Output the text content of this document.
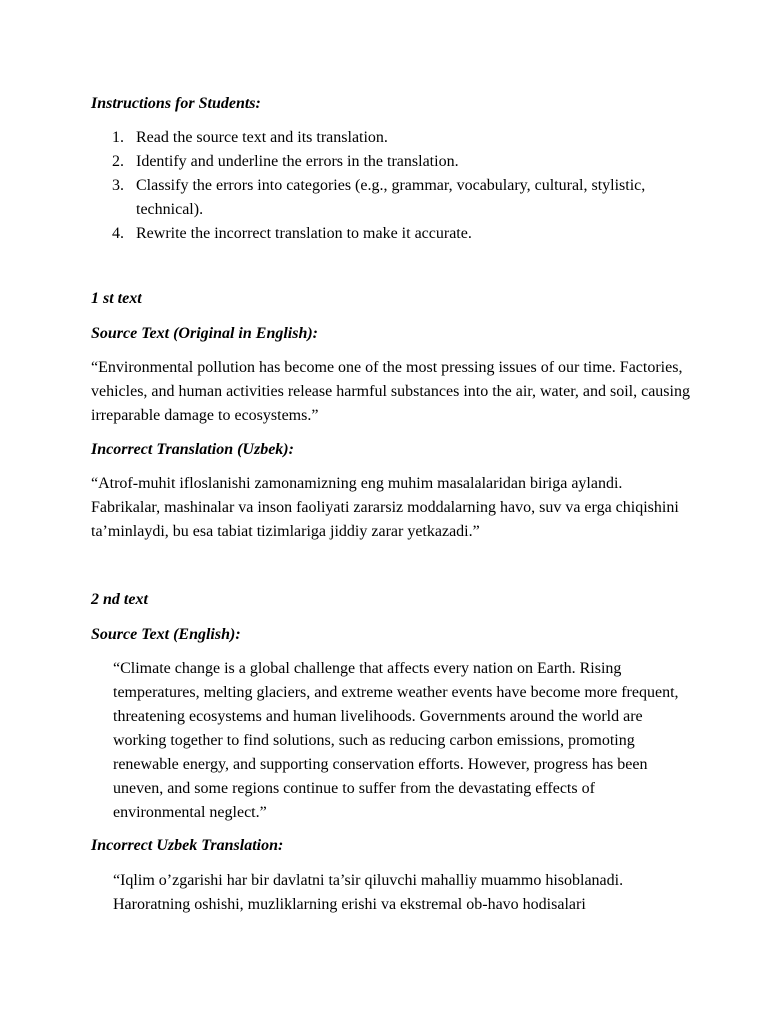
Instructions for Students:

1. Read the source text and its translation.
2. Identify and underline the errors in the translation.
3. Classify the errors into categories (e.g., grammar, vocabulary, cultural, stylistic, technical).
4. Rewrite the incorrect translation to make it accurate.

1 st text

Source Text (Original in English):

“Environmental pollution has become one of the most pressing issues of our time. Factories, vehicles, and human activities release harmful substances into the air, water, and soil, causing irreparable damage to ecosystems.”

Incorrect Translation (Uzbek):

“Atrof-muhit ifloslanishi zamonamizning eng muhim masalalaridan biriga aylandi. Fabrikalar, mashinalar va inson faoliyati zararsiz moddalarning havo, suv va erga chiqishini ta’minlaydi, bu esa tabiat tizimlariga jiddiy zarar yetkazadi.”

2 nd text

Source Text (English):

“Climate change is a global challenge that affects every nation on Earth. Rising temperatures, melting glaciers, and extreme weather events have become more frequent, threatening ecosystems and human livelihoods. Governments around the world are working together to find solutions, such as reducing carbon emissions, promoting renewable energy, and supporting conservation efforts. However, progress has been uneven, and some regions continue to suffer from the devastating effects of environmental neglect.”

Incorrect Uzbek Translation:

“Iqlim o’zgarishi har bir davlatni ta’sir qiluvchi mahalliy muammo hisoblanadi. Haroratning oshishi, muzliklarning erishi va ekstremal ob-havo hodisalari
